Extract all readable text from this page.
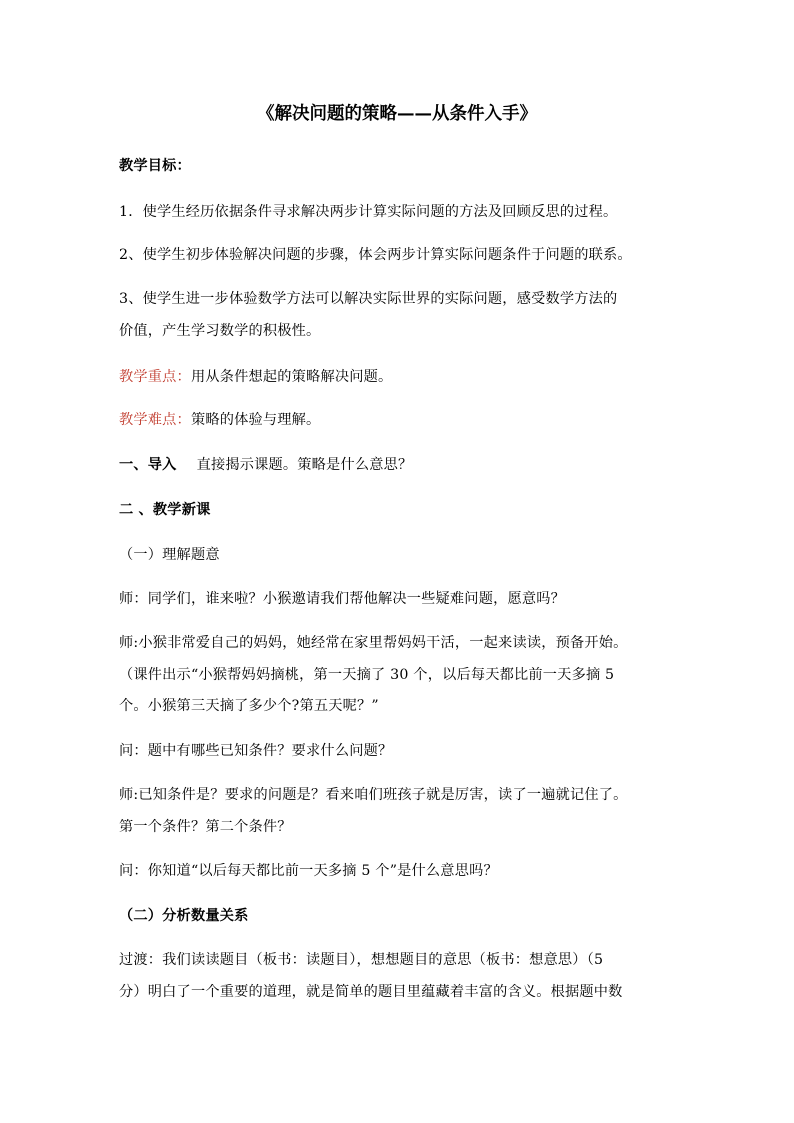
《解决问题的策略——从条件入手》
教学目标：
1．使学生经历依据条件寻求解决两步计算实际问题的方法及回顾反思的过程。
2、使学生初步体验解决问题的步骤，体会两步计算实际问题条件于问题的联系。
3、使学生进一步体验数学方法可以解决实际世界的实际问题，感受数学方法的
价值，产生学习数学的积极性。
教学重点：用从条件想起的策略解决问题。
教学难点：策略的体验与理解。
一、导入 直接揭示课题。策略是什么意思？
二 、教学新课
（一）理解题意
师：同学们，谁来啦？小猴邀请我们帮他解决一些疑难问题，愿意吗？
师:小猴非常爱自己的妈妈，她经常在家里帮妈妈干活，一起来读读，预备开始。
（课件出示“小猴帮妈妈摘桃，第一天摘了 30 个，以后每天都比前一天多摘 5
个。小猴第三天摘了多少个?第五天呢？”
问：题中有哪些已知条件？要求什么问题？
师:已知条件是？要求的问题是？看来咱们班孩子就是厉害，读了一遍就记住了。
第一个条件？第二个条件？
问：你知道“以后每天都比前一天多摘 5 个”是什么意思吗？
（二）分析数量关系
过渡：我们读读题目（板书：读题目），想想题目的意思（板书：想意思）（5
分）明白了一个重要的道理，就是简单的题目里蕴藏着丰富的含义。根据题中数
